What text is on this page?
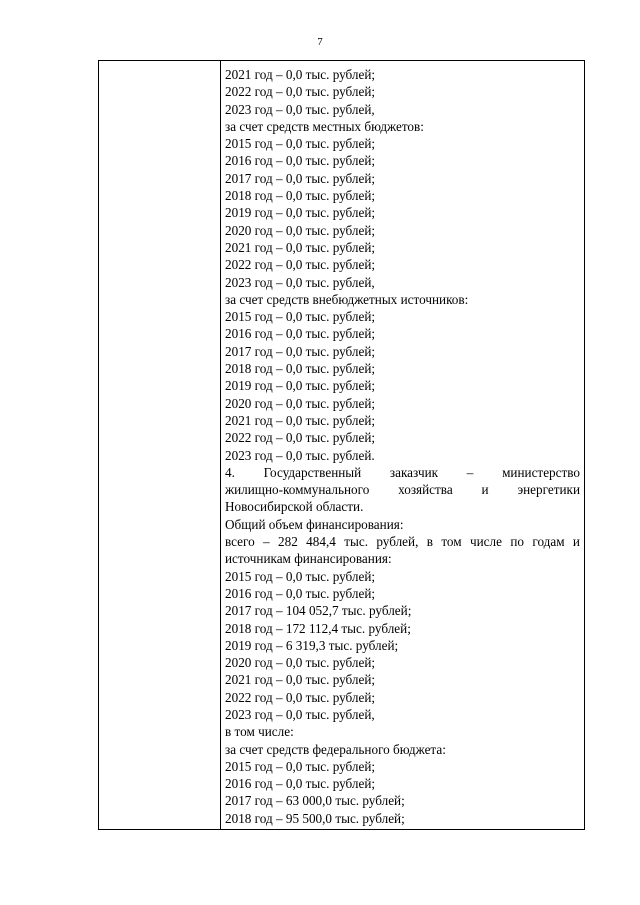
7
2021 год – 0,0 тыс. рублей;
2022 год – 0,0 тыс. рублей;
2023 год – 0,0 тыс. рублей,
за счет средств местных бюджетов:
2015 год – 0,0 тыс. рублей;
2016 год – 0,0 тыс. рублей;
2017 год – 0,0 тыс. рублей;
2018 год – 0,0 тыс. рублей;
2019 год – 0,0 тыс. рублей;
2020 год – 0,0 тыс. рублей;
2021 год – 0,0 тыс. рублей;
2022 год – 0,0 тыс. рублей;
2023 год – 0,0 тыс. рублей,
за счет средств внебюджетных источников:
2015 год – 0,0 тыс. рублей;
2016 год – 0,0 тыс. рублей;
2017 год – 0,0 тыс. рублей;
2018 год – 0,0 тыс. рублей;
2019 год – 0,0 тыс. рублей;
2020 год – 0,0 тыс. рублей;
2021 год – 0,0 тыс. рублей;
2022 год – 0,0 тыс. рублей;
2023 год – 0,0 тыс. рублей.
4. Государственный заказчик – министерство
жилищно-коммунального хозяйства и энергетики
Новосибирской области.
Общий объем финансирования:
всего – 282 484,4 тыс. рублей, в том числе по годам и
источникам финансирования:
2015 год – 0,0 тыс. рублей;
2016 год – 0,0 тыс. рублей;
2017 год – 104 052,7 тыс. рублей;
2018 год – 172 112,4 тыс. рублей;
2019 год – 6 319,3 тыс. рублей;
2020 год – 0,0 тыс. рублей;
2021 год – 0,0 тыс. рублей;
2022 год – 0,0 тыс. рублей;
2023 год – 0,0 тыс. рублей,
в том числе:
за счет средств федерального бюджета:
2015 год – 0,0 тыс. рублей;
2016 год – 0,0 тыс. рублей;
2017 год – 63 000,0 тыс. рублей;
2018 год – 95 500,0 тыс. рублей;
